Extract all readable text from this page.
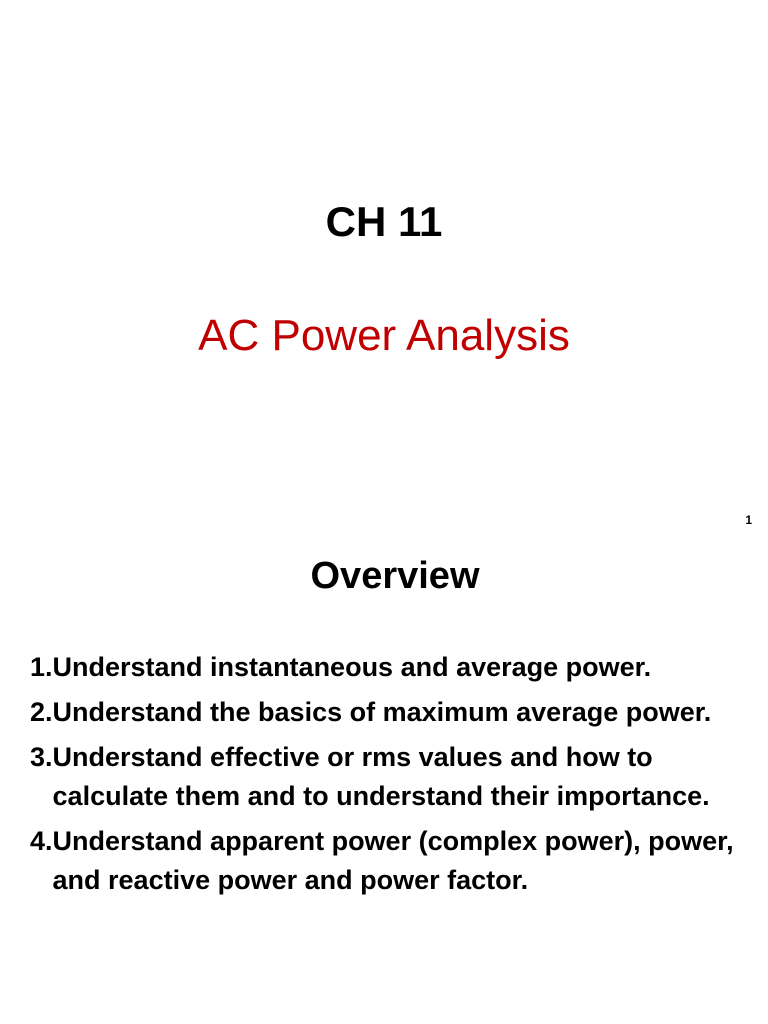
CH 11
AC Power Analysis
1
Overview
1. Understand instantaneous and average power.
2. Understand the basics of maximum average power.
3. Understand effective or rms values and how to calculate them and to understand their importance.
4. Understand apparent power (complex power), power, and reactive power and power factor.
